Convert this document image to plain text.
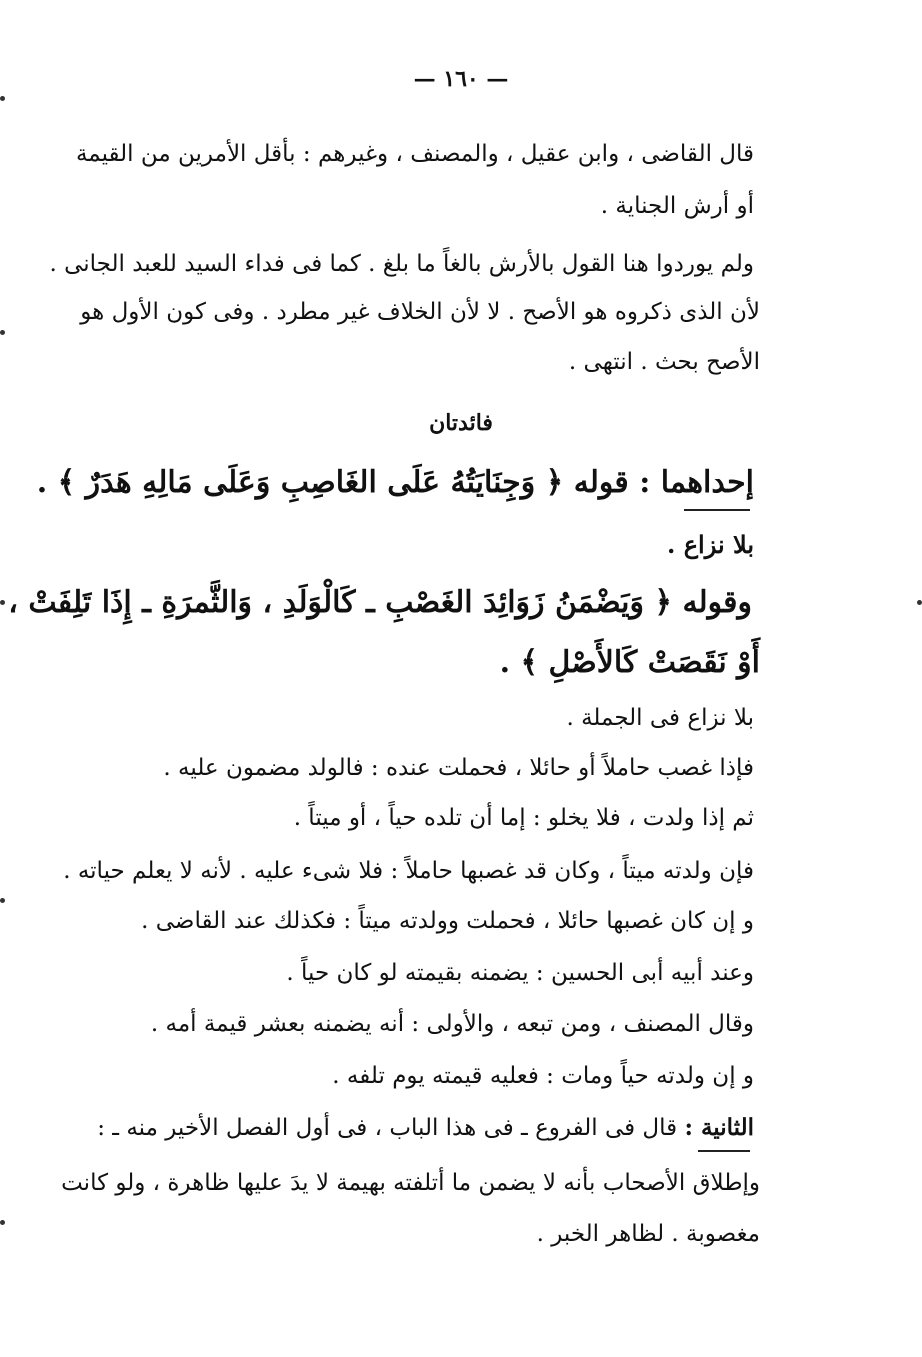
— ١٦٠ —
قال القاضى ، وابن عقيل ، والمصنف ، وغيرهم : بأقل الأمرين من القيمة
أو أرش الجناية .
ولم يوردوا هنا القول بالأرش بالغاً ما بلغ . كما فى فداء السيد للعبد الجانى .
لأن الذى ذكروه هو الأصح . لا لأن الخلاف غير مطرد . وفى كون الأول هو
الأصح بحث . انتهى .
فائدتان
إحداهما : قوله ﴿ وَجِنَايَتُهُ عَلَى الغَاصِبِ وَعَلَى مَالِهِ هَدَرٌ ﴾ .
بلا نزاع .
وقوله ﴿ وَيَضْمَنُ زَوَائِدَ الغَصْبِ ـ كَالْوَلَدِ ، وَالثَّمرَةِ ـ إِذَا تَلِفَتْ ،
أَوْ نَقَصَتْ كَالأَصْلِ ﴾ .
بلا نزاع فى الجملة .
فإذا غصب حاملاً أو حائلا ، فحملت عنده : فالولد مضمون عليه .
ثم إذا ولدت ، فلا يخلو : إما أن تلده حياً ، أو ميتاً .
فإن ولدته ميتاً ، وكان قد غصبها حاملاً : فلا شىء عليه . لأنه لا يعلم حياته .
و إن كان غصبها حائلا ، فحملت وولدته ميتاً : فكذلك عند القاضى .
وعند أبيه أبى الحسين : يضمنه بقيمته لو كان حياً .
وقال المصنف ، ومن تبعه ، والأولى : أنه يضمنه بعشر قيمة أمه .
و إن ولدته حياً ومات : فعليه قيمته يوم تلفه .
الثانية : قال فى الفروع ـ فى هذا الباب ، فى أول الفصل الأخير منه ـ :
وإطلاق الأصحاب بأنه لا يضمن ما أتلفته بهيمة لا يدَ عليها ظاهرة ، ولو كانت
مغصوبة . لظاهر الخبر .
